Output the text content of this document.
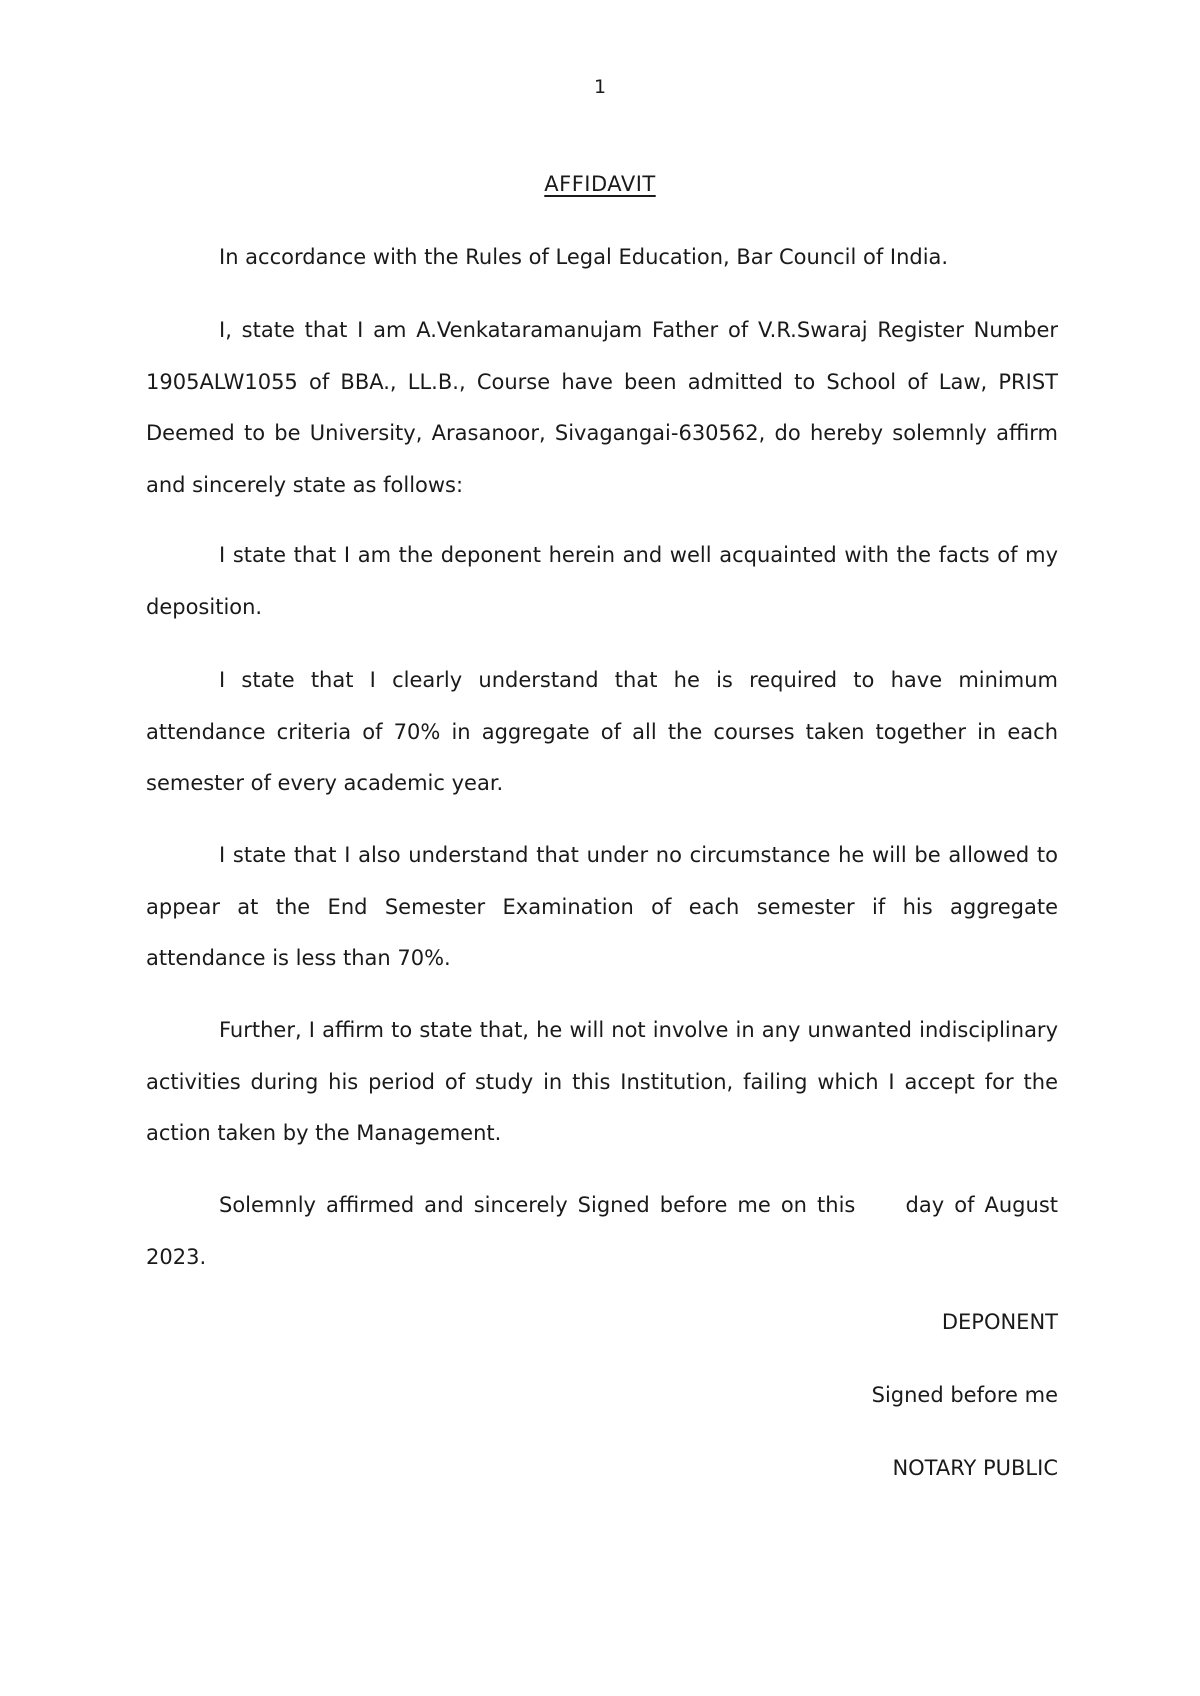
1
AFFIDAVIT

In accordance with the Rules of Legal Education, Bar Council of India.

I, state that I am A.Venkataramanujam Father of V.R.Swaraj Register Number 1905ALW1055 of BBA., LL.B., Course have been admitted to School of Law, PRIST Deemed to be University, Arasanoor, Sivagangai-630562, do hereby solemnly affirm and sincerely state as follows:

I state that I am the deponent herein and well acquainted with the facts of my deposition.

I state that I clearly understand that he is required to have minimum attendance criteria of 70% in aggregate of all the courses taken together in each semester of every academic year.

I state that I also understand that under no circumstance he will be allowed to appear at the End Semester Examination of each semester if his aggregate attendance is less than 70%.

Further, I affirm to state that, he will not involve in any unwanted indisciplinary activities during his period of study in this Institution, failing which I accept for the action taken by the Management.

Solemnly affirmed and sincerely Signed before me on this     day of August 2023.

DEPONENT

Signed before me

NOTARY PUBLIC
